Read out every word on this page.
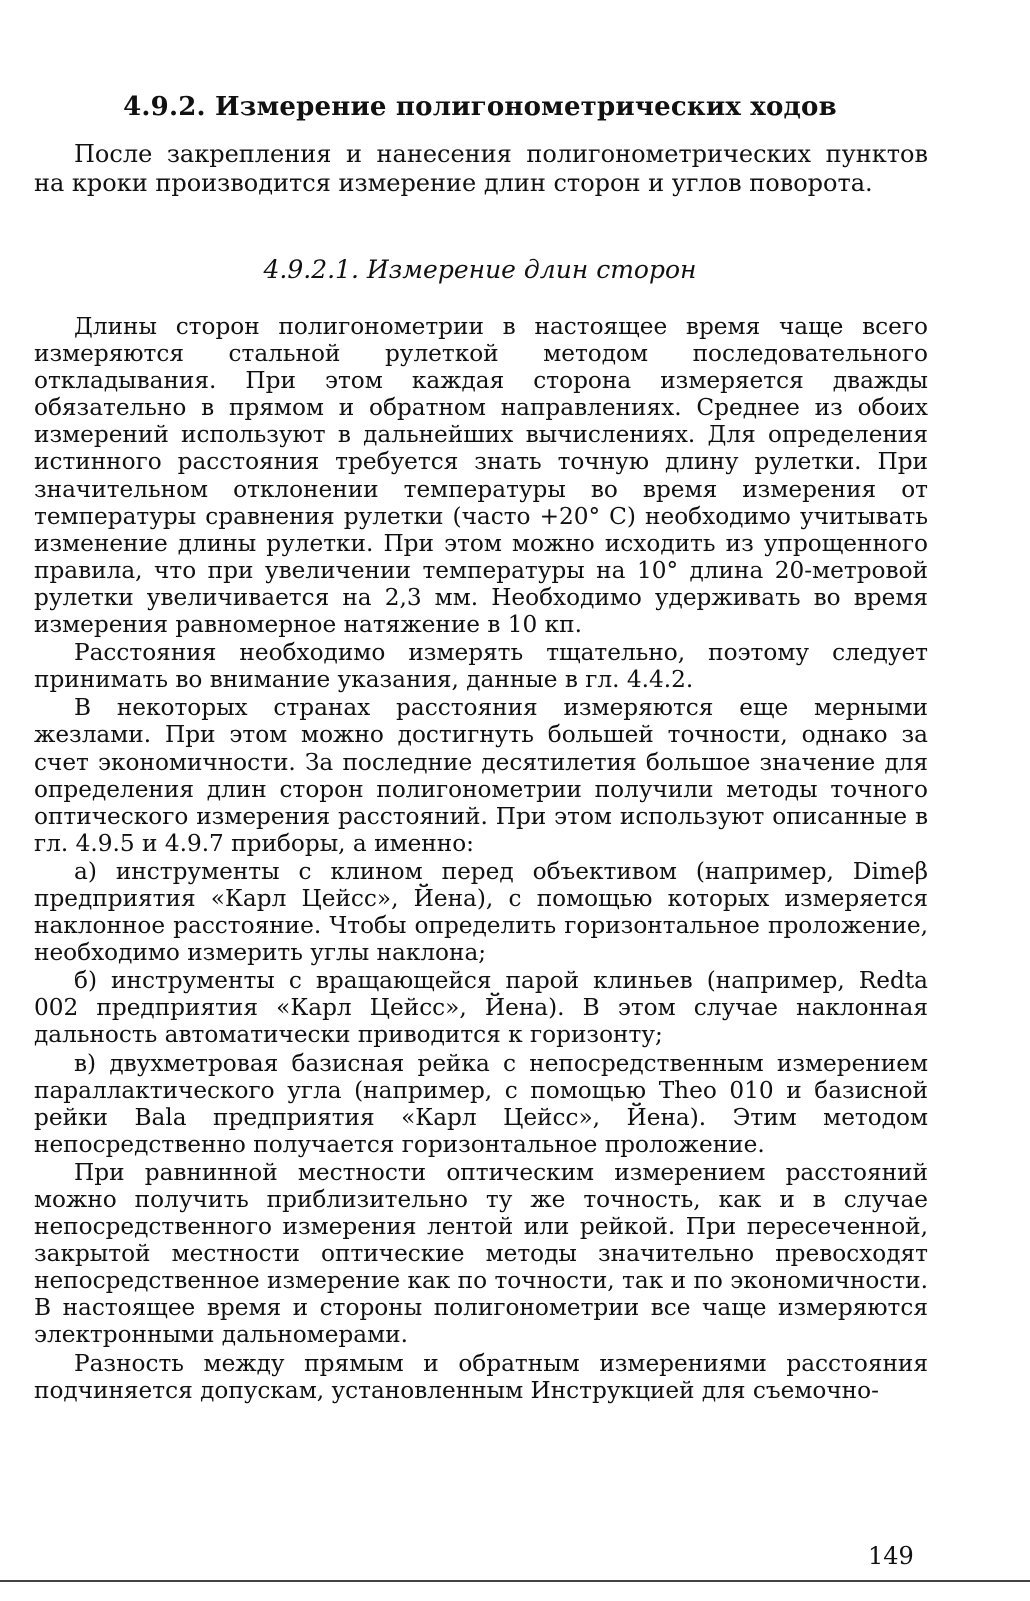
4.9.2. Измерение полигонометрических ходов

После закрепления и нанесения полигонометрических пунктов на кроки производится измерение длин сторон и углов поворота.

4.9.2.1. Измерение длин сторон

Длины сторон полигонометрии в настоящее время чаще всего измеряются стальной рулеткой методом последовательного откладывания. При этом каждая сторона измеряется дважды обязательно в прямом и обратном направлениях. Среднее из обоих измерений используют в дальнейших вычислениях. Для определения истинного расстояния требуется знать точную длину рулетки. При значительном отклонении температуры во время измерения от температуры сравнения рулетки (часто +20° С) необходимо учитывать изменение длины рулетки. При этом можно исходить из упрощенного правила, что при увеличении температуры на 10° длина 20-метровой рулетки увеличивается на 2,3 мм. Необходимо удерживать во время измерения равномерное натяжение в 10 кп.

Расстояния необходимо измерять тщательно, поэтому следует принимать во внимание указания, данные в гл. 4.4.2.

В некоторых странах расстояния измеряются еще мерными жезлами. При этом можно достигнуть большей точности, однако за счет экономичности. За последние десятилетия большое значение для определения длин сторон полигонометрии получили методы точного оптического измерения расстояний. При этом используют описанные в гл. 4.9.5 и 4.9.7 приборы, а именно:

а) инструменты с клином перед объективом (например, Dimeβ предприятия «Карл Цейсс», Йена), с помощью которых измеряется наклонное расстояние. Чтобы определить горизонтальное проложение, необходимо измерить углы наклона;

б) инструменты с вращающейся парой клиньев (например, Redta 002 предприятия «Карл Цейсс», Йена). В этом случае наклонная дальность автоматически приводится к горизонту;

в) двухметровая базисная рейка с непосредственным измерением параллактического угла (например, с помощью Theo 010 и базисной рейки Bala предприятия «Карл Цейсс», Йена). Этим методом непосредственно получается горизонтальное проложение.

При равнинной местности оптическим измерением расстояний можно получить приблизительно ту же точность, как и в случае непосредственного измерения лентой или рейкой. При пересеченной, закрытой местности оптические методы значительно превосходят непосредственное измерение как по точности, так и по экономичности. В настоящее время и стороны полигонометрии все чаще измеряются электронными дальномерами.

Разность между прямым и обратным измерениями расстояния подчиняется допускам, установленным Инструкцией для съемочно-

149
